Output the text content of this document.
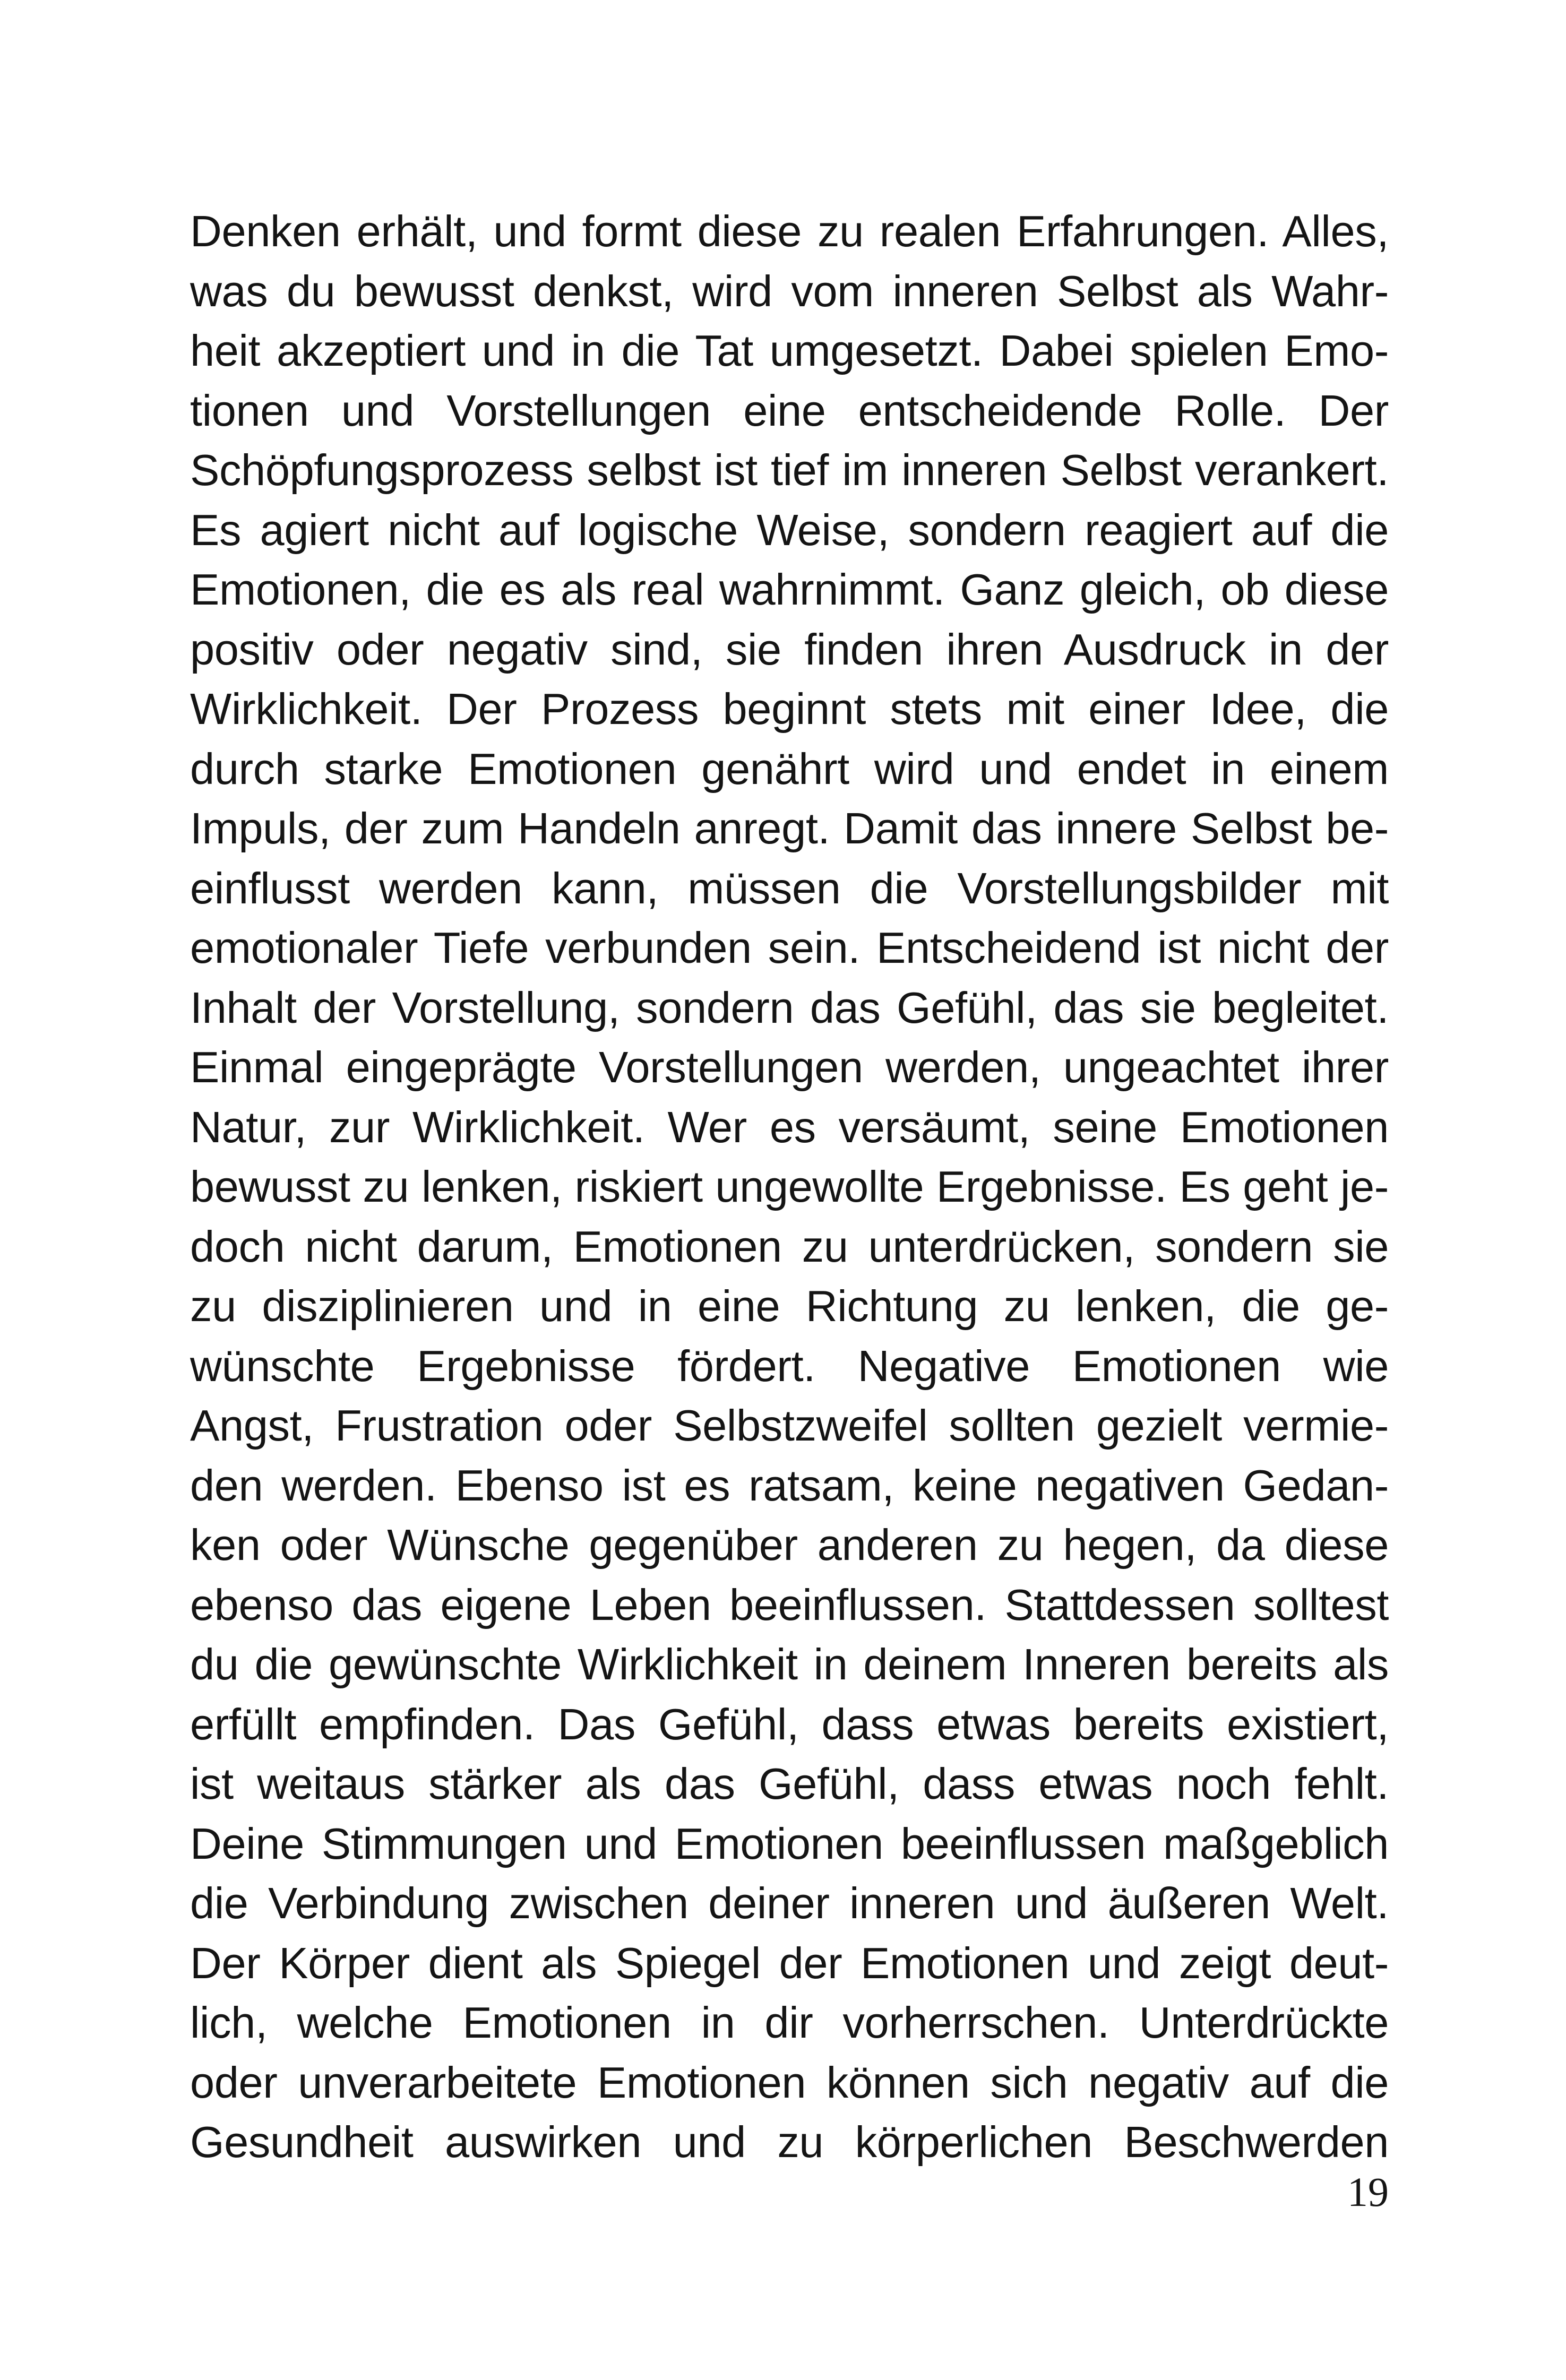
Denken erhält, und formt diese zu realen Erfahrungen. Alles,
was du bewusst denkst, wird vom inneren Selbst als Wahr-
heit akzeptiert und in die Tat umgesetzt. Dabei spielen Emo-
tionen und Vorstellungen eine entscheidende Rolle. Der
Schöpfungsprozess selbst ist tief im inneren Selbst verankert.
Es agiert nicht auf logische Weise, sondern reagiert auf die
Emotionen, die es als real wahrnimmt. Ganz gleich, ob diese
positiv oder negativ sind, sie finden ihren Ausdruck in der
Wirklichkeit. Der Prozess beginnt stets mit einer Idee, die
durch starke Emotionen genährt wird und endet in einem
Impuls, der zum Handeln anregt. Damit das innere Selbst be-
einflusst werden kann, müssen die Vorstellungsbilder mit
emotionaler Tiefe verbunden sein. Entscheidend ist nicht der
Inhalt der Vorstellung, sondern das Gefühl, das sie begleitet.
Einmal eingeprägte Vorstellungen werden, ungeachtet ihrer
Natur, zur Wirklichkeit. Wer es versäumt, seine Emotionen
bewusst zu lenken, riskiert ungewollte Ergebnisse. Es geht je-
doch nicht darum, Emotionen zu unterdrücken, sondern sie
zu disziplinieren und in eine Richtung zu lenken, die ge-
wünschte Ergebnisse fördert. Negative Emotionen wie
Angst, Frustration oder Selbstzweifel sollten gezielt vermie-
den werden. Ebenso ist es ratsam, keine negativen Gedan-
ken oder Wünsche gegenüber anderen zu hegen, da diese
ebenso das eigene Leben beeinflussen. Stattdessen solltest
du die gewünschte Wirklichkeit in deinem Inneren bereits als
erfüllt empfinden. Das Gefühl, dass etwas bereits existiert,
ist weitaus stärker als das Gefühl, dass etwas noch fehlt.
Deine Stimmungen und Emotionen beeinflussen maßgeblich
die Verbindung zwischen deiner inneren und äußeren Welt.
Der Körper dient als Spiegel der Emotionen und zeigt deut-
lich, welche Emotionen in dir vorherrschen. Unterdrückte
oder unverarbeitete Emotionen können sich negativ auf die
Gesundheit auswirken und zu körperlichen Beschwerden
19
